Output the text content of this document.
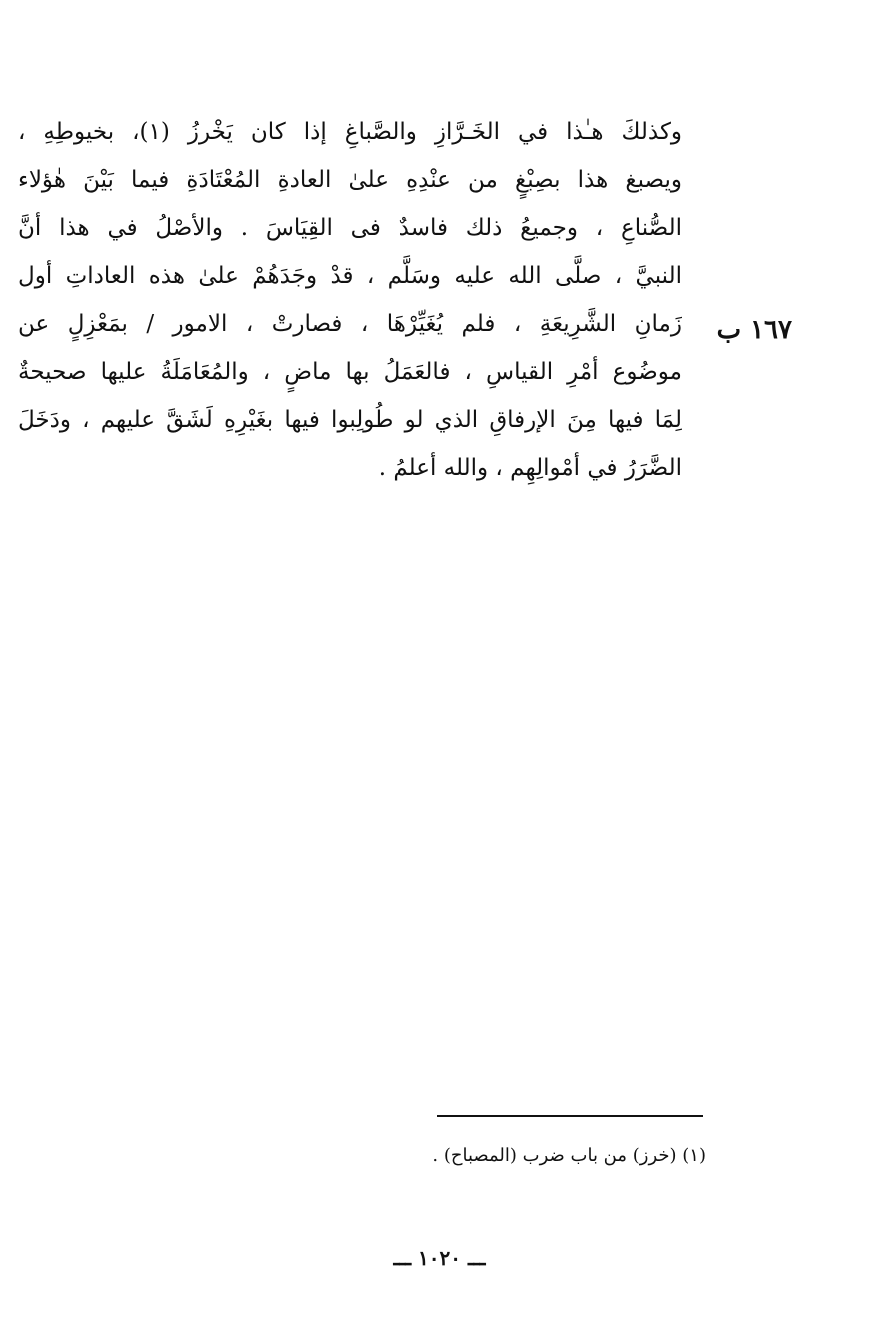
وكذلكَ هـٰذا في الخَـرَّازِ والصَّباغِ إذا كان يَخْرزُ (١)، بخيوطِهِ ،
ويصبغ هذا بصِبْغٍ من عنْدِهِ علىٰ العادةِ المُعْتَادَةِ فيما بَيْنَ هٰؤلاء
الصُّناعِ ، وجميعُ ذلك فاسدٌ فى القِيَاسَ . والأصْلُ في هذا أنَّ
النبيَّ ، صلَّى الله عليه وسَلَّم ، قدْ وجَدَهُمْ علىٰ هذه العاداتِ أول
زَمانِ الشَّرِيعَةِ ، فلم يُغَيِّرْهَا ، فصارتْ ، الامور / بمَعْزِلٍ عن
موضُوع أمْرِ القياسِ ، فالعَمَلُ بها ماضٍ ، والمُعَامَلَةُ عليها صحيحةٌ
لِمَا فيها مِنَ الإرفاقِ الذي لو طُولِبوا فيها بغَيْرِهِ لَشَقَّ عليهم ، ودَخَلَ
الضَّرَرُ في أمْوالِهِم ، والله أعلمُ .
١٦٧ ب
(١) (خرز) من باب ضرب (المصباح) .
ـــ ١٠٢٠ ـــ
